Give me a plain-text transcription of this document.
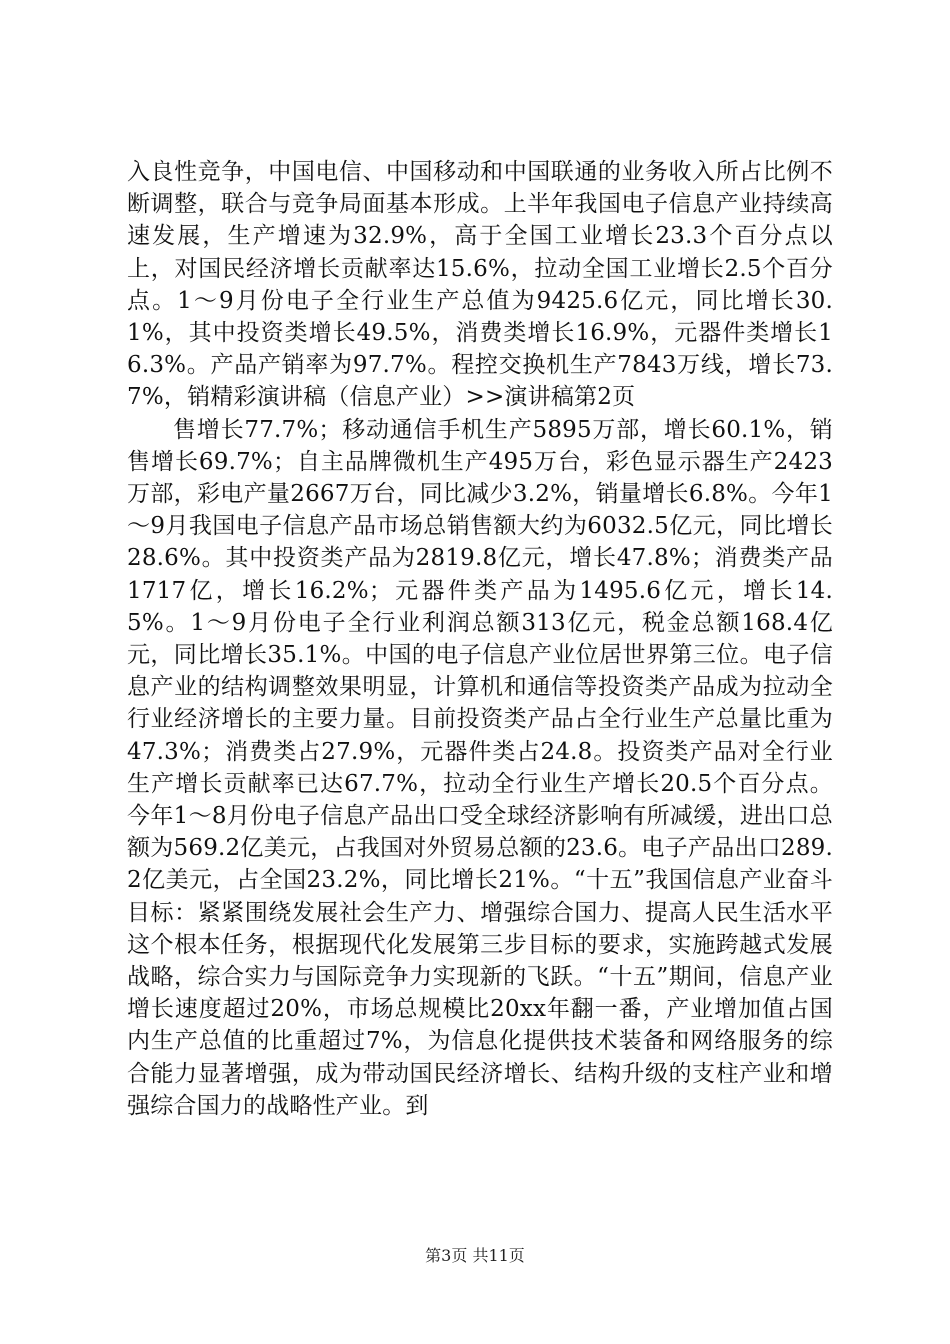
入良性竞争，中国电信、中国移动和中国联通的业务收入所占比例不断调整，联合与竞争局面基本形成。上半年我国电子信息产业持续高速发展，生产增速为32.9%，高于全国工业增长23.3个百分点以上，对国民经济增长贡献率达15.6%，拉动全国工业增长2.5个百分点。1～9月份电子全行业生产总值为9425.6亿元，同比增长30.1%，其中投资类增长49.5%，消费类增长16.9%，元器件类增长16.3%。产品产销率为97.7%。程控交换机生产7843万线，增长73.7%，销精彩演讲稿（信息产业）>>演讲稿第2页

售增长77.7%；移动通信手机生产5895万部，增长60.1%，销售增长69.7%；自主品牌微机生产495万台，彩色显示器生产2423万部，彩电产量2667万台，同比减少3.2%，销量增长6.8%。今年1～9月我国电子信息产品市场总销售额大约为6032.5亿元，同比增长28.6%。其中投资类产品为2819.8亿元，增长47.8%；消费类产品1717亿，增长16.2%；元器件类产品为1495.6亿元，增长14.5%。1～9月份电子全行业利润总额313亿元，税金总额168.4亿元，同比增长35.1%。中国的电子信息产业位居世界第三位。电子信息产业的结构调整效果明显，计算机和通信等投资类产品成为拉动全行业经济增长的主要力量。目前投资类产品占全行业生产总量比重为47.3%；消费类占27.9%，元器件类占24.8。投资类产品对全行业生产增长贡献率已达67.7%，拉动全行业生产增长20.5个百分点。今年1～8月份电子信息产品出口受全球经济影响有所减缓，进出口总额为569.2亿美元，占我国对外贸易总额的23.6。电子产品出口289.2亿美元，占全国23.2%，同比增长21%。“十五”我国信息产业奋斗目标：紧紧围绕发展社会生产力、增强综合国力、提高人民生活水平这个根本任务，根据现代化发展第三步目标的要求，实施跨越式发展战略，综合实力与国际竞争力实现新的飞跃。“十五”期间，信息产业增长速度超过20%，市场总规模比20xx年翻一番，产业增加值占国内生产总值的比重超过7%，为信息化提供技术装备和网络服务的综合能力显著增强，成为带动国民经济增长、结构升级的支柱产业和增强综合国力的战略性产业。到

第3页 共11页
